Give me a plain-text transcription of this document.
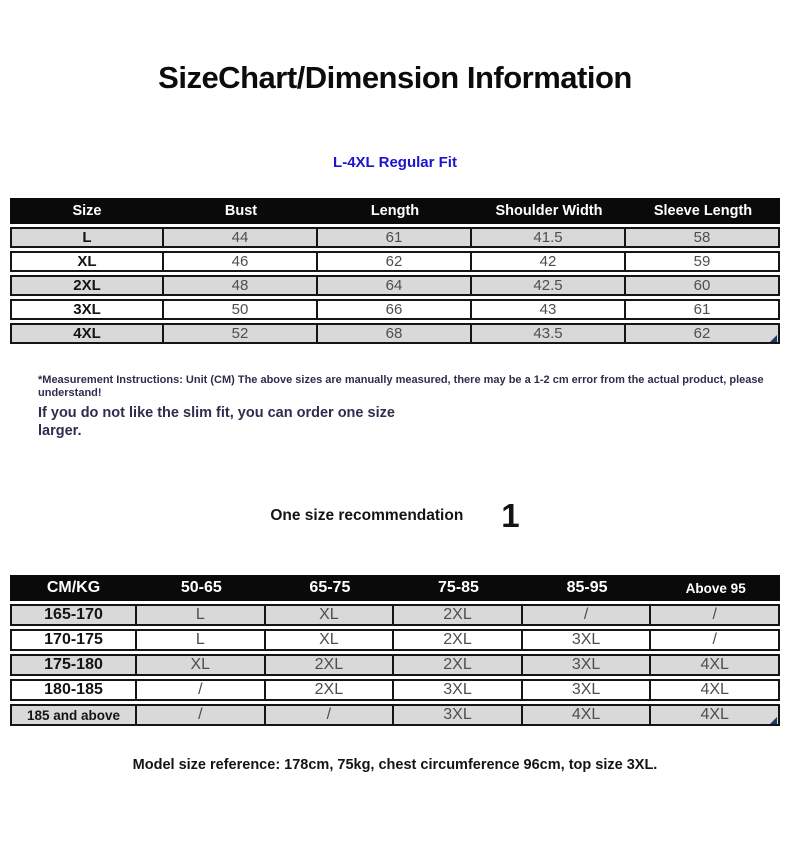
SizeChart/Dimension Information
L-4XL Regular Fit
Size	Bust	Length	Shoulder Width	Sleeve Length
L	44	61	41.5	58
XL	46	62	42	59
2XL	48	64	42.5	60
3XL	50	66	43	61
4XL	52	68	43.5	62

*Measurement Instructions: Unit (CM) The above sizes are manually measured, there may be a 1-2 cm error from the actual product, please understand!

If you do not like the slim fit, you can order one size larger.

One size recommendation 1
CM/KG	50-65	65-75	75-85	85-95	Above 95
165-170	L	XL	2XL	/	/
170-175	L	XL	2XL	3XL	/
175-180	XL	2XL	2XL	3XL	4XL
180-185	/	2XL	3XL	3XL	4XL
185 and above	/	/	3XL	4XL	4XL

Model size reference: 178cm, 75kg, chest circumference 96cm, top size 3XL.
